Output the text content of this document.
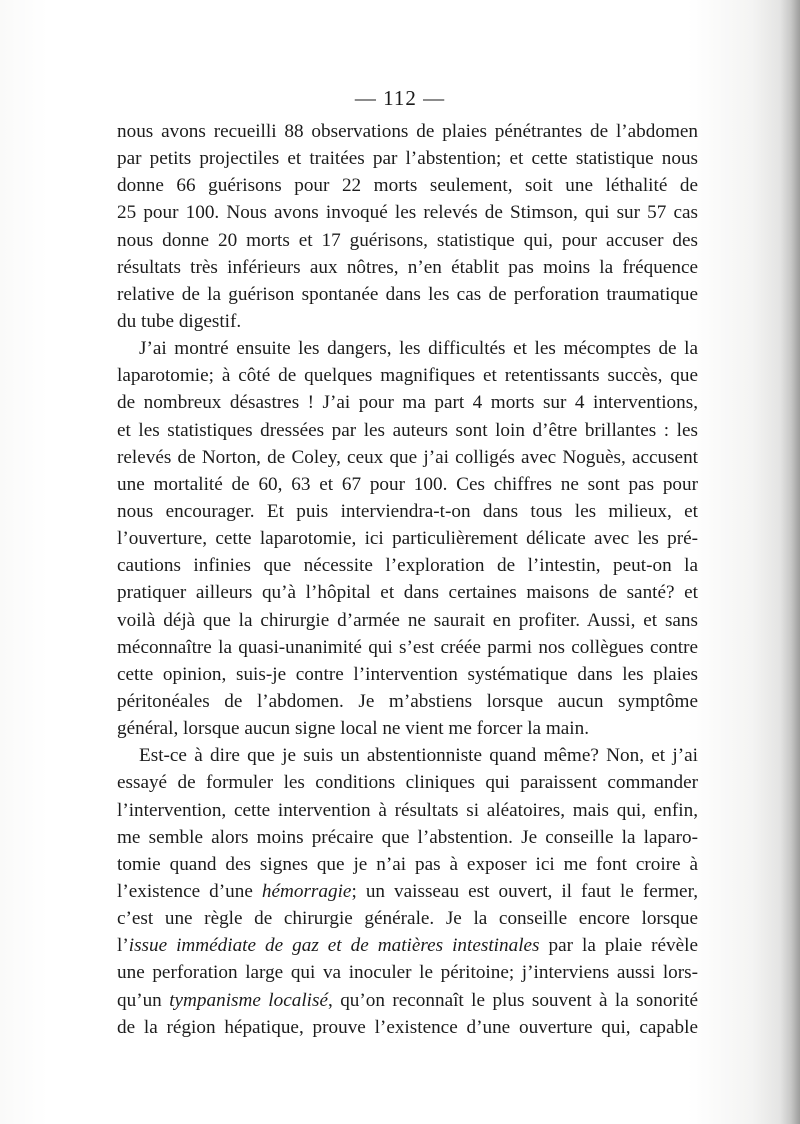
— 112 —

nous avons recueilli 88 observations de plaies pénétrantes de l’abdomen
par petits projectiles et traitées par l’abstention; et cette statistique nous
donne 66 guérisons pour 22 morts seulement, soit une léthalité de
25 pour 100. Nous avons invoqué les relevés de Stimson, qui sur 57 cas
nous donne 20 morts et 17 guérisons, statistique qui, pour accuser des
résultats très inférieurs aux nôtres, n’en établit pas moins la fréquence
relative de la guérison spontanée dans les cas de perforation traumatique
du tube digestif.
J’ai montré ensuite les dangers, les difficultés et les mécomptes de la
laparotomie; à côté de quelques magnifiques et retentissants succès, que
de nombreux désastres ! J’ai pour ma part 4 morts sur 4 interventions,
et les statistiques dressées par les auteurs sont loin d’être brillantes : les
relevés de Norton, de Coley, ceux que j’ai colligés avec Noguès, accusent
une mortalité de 60, 63 et 67 pour 100. Ces chiffres ne sont pas pour
nous encourager. Et puis interviendra-t-on dans tous les milieux, et
l’ouverture, cette laparotomie, ici particulièrement délicate avec les pré-
cautions infinies que nécessite l’exploration de l’intestin, peut-on la
pratiquer ailleurs qu’à l’hôpital et dans certaines maisons de santé? et
voilà déjà que la chirurgie d’armée ne saurait en profiter. Aussi, et sans
méconnaître la quasi-unanimité qui s’est créée parmi nos collègues contre
cette opinion, suis-je contre l’intervention systématique dans les plaies
péritonéales de l’abdomen. Je m’abstiens lorsque aucun symptôme
général, lorsque aucun signe local ne vient me forcer la main.
Est-ce à dire que je suis un abstentionniste quand même? Non, et j’ai
essayé de formuler les conditions cliniques qui paraissent commander
l’intervention, cette intervention à résultats si aléatoires, mais qui, enfin,
me semble alors moins précaire que l’abstention. Je conseille la laparo-
tomie quand des signes que je n’ai pas à exposer ici me font croire à
l’existence d’une hémorragie; un vaisseau est ouvert, il faut le fermer,
c’est une règle de chirurgie générale. Je la conseille encore lorsque
l’issue immédiate de gaz et de matières intestinales par la plaie révèle
une perforation large qui va inoculer le péritoine; j’interviens aussi lors-
qu’un tympanisme localisé, qu’on reconnaît le plus souvent à la sonorité
de la région hépatique, prouve l’existence d’une ouverture qui, capable
